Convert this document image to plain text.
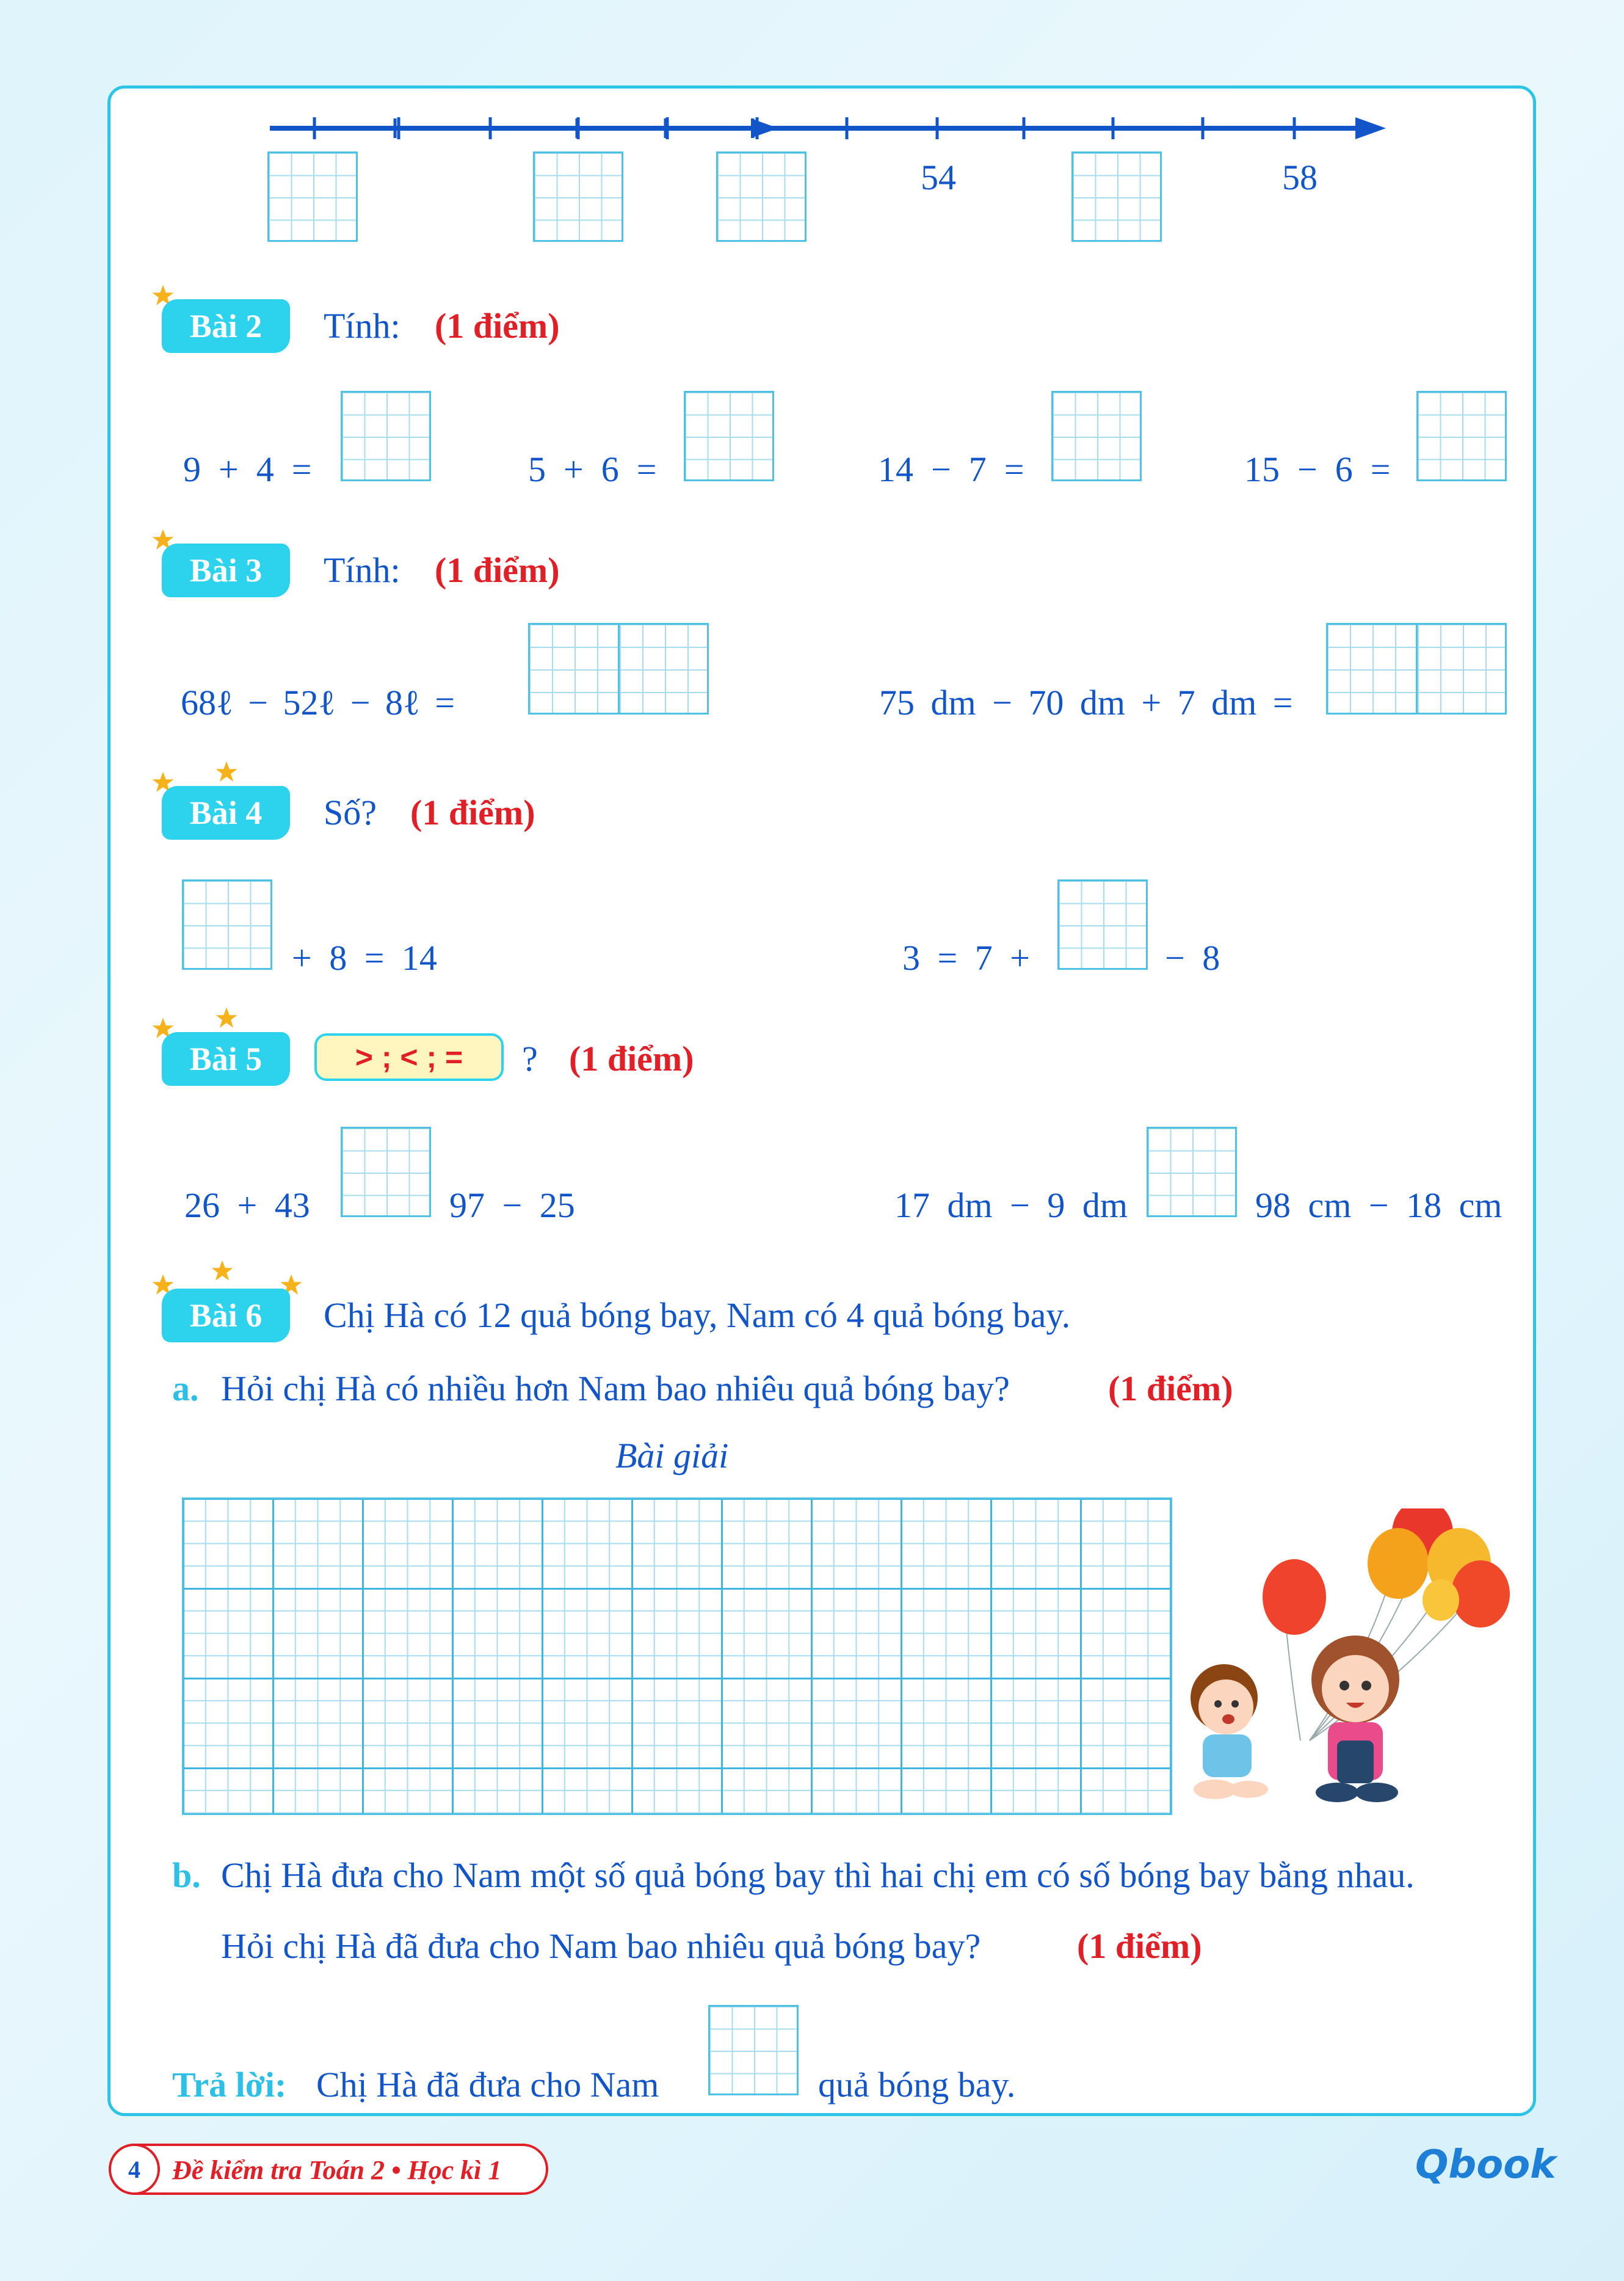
54	58
Bài 2	Tính: (1 điểm)
9 + 4 =	5 + 6 =	14 − 7 =	15 − 6 =
Bài 3	Tính: (1 điểm)
68ℓ − 52ℓ − 8ℓ =	75 dm − 70 dm + 7 dm =
Bài 4	Số? (1 điểm)
+ 8 = 14	3 = 7 +	− 8
Bài 5	> ; < ; =	? (1 điểm)
26 + 43	97 − 25	17 dm − 9 dm	98 cm − 18 cm
Bài 6	Chị Hà có 12 quả bóng bay, Nam có 4 quả bóng bay.
a. Hỏi chị Hà có nhiều hơn Nam bao nhiêu quả bóng bay?	(1 điểm)
Bài giải
b. Chị Hà đưa cho Nam một số quả bóng bay thì hai chị em có số bóng bay bằng nhau.
Hỏi chị Hà đã đưa cho Nam bao nhiêu quả bóng bay?	(1 điểm)
Trả lời: Chị Hà đã đưa cho Nam	quả bóng bay.
4	Đề kiểm tra Toán 2 • Học kì 1	Qbook
